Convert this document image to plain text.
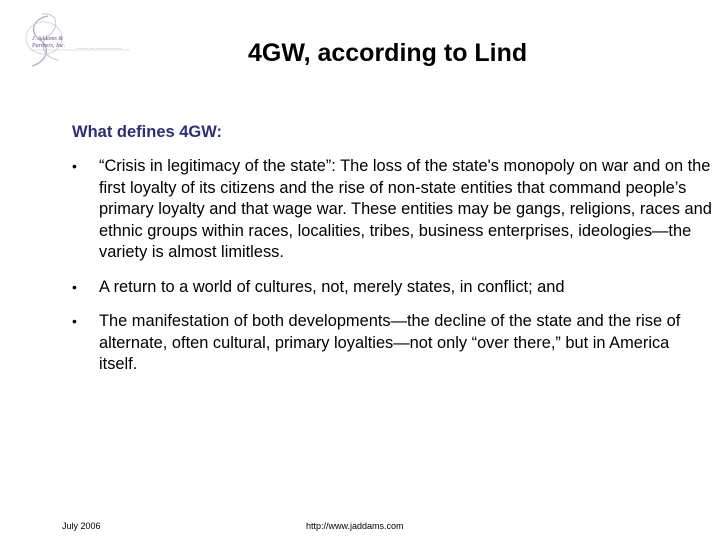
J. Addams &
Partners, Inc.	——— — ——————	4GW, according to Lind
What defines 4GW:
• “Crisis in legitimacy of the state”: The loss of the state's monopoly on war and on the first loyalty of its citizens and the rise of non-state entities that command people’s primary loyalty and that wage war. These entities may be gangs, religions, races and ethnic groups within races, localities, tribes, business enterprises, ideologies—the variety is almost limitless.
• A return to a world of cultures, not, merely states, in conflict; and
• The manifestation of both developments—the decline of the state and the rise of alternate, often cultural, primary loyalties—not only “over there,” but in America itself.
July 2006	http://www.jaddams.com
